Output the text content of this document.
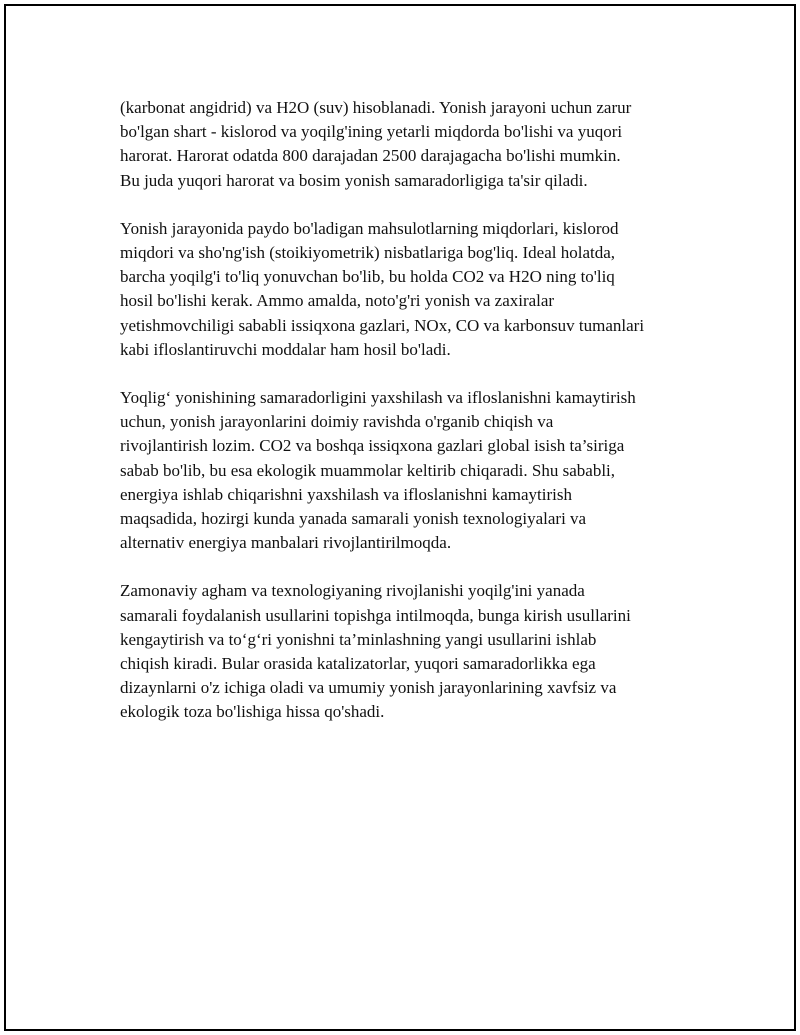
(karbonat angidrid) va H2O (suv) hisoblanadi. Yonish jarayoni uchun zarur
bo'lgan shart - kislorod va yoqilg'ining yetarli miqdorda bo'lishi va yuqori
harorat. Harorat odatda 800 darajadan 2500 darajagacha bo'lishi mumkin.
Bu juda yuqori harorat va bosim yonish samaradorligiga ta'sir qiladi.

Yonish jarayonida paydo bo'ladigan mahsulotlarning miqdorlari, kislorod
miqdori va sho'ng'ish (stoikiyometrik) nisbatlariga bog'liq. Ideal holatda,
barcha yoqilg'i to'liq yonuvchan bo'lib, bu holda CO2 va H2O ning to'liq
hosil bo'lishi kerak. Ammo amalda, noto'g'ri yonish va zaxiralar
yetishmovchiligi sababli issiqxona gazlari, NOx, CO va karbonsuv tumanlari
kabi ifloslantiruvchi moddalar ham hosil bo'ladi.

Yoqlig‘ yonishining samaradorligini yaxshilash va ifloslanishni kamaytirish
uchun, yonish jarayonlarini doimiy ravishda o'rganib chiqish va
rivojlantirish lozim. CO2 va boshqa issiqxona gazlari global isish ta’siriga
sabab bo'lib, bu esa ekologik muammolar keltirib chiqaradi. Shu sababli,
energiya ishlab chiqarishni yaxshilash va ifloslanishni kamaytirish
maqsadida, hozirgi kunda yanada samarali yonish texnologiyalari va
alternativ energiya manbalari rivojlantirilmoqda.

Zamonaviy agham va texnologiyaning rivojlanishi yoqilg'ini yanada
samarali foydalanish usullarini topishga intilmoqda, bunga kirish usullarini
kengaytirish va to‘g‘ri yonishni ta’minlashning yangi usullarini ishlab
chiqish kiradi. Bular orasida katalizatorlar, yuqori samaradorlikka ega
dizaynlarni o'z ichiga oladi va umumiy yonish jarayonlarining xavfsiz va
ekologik toza bo'lishiga hissa qo'shadi.
